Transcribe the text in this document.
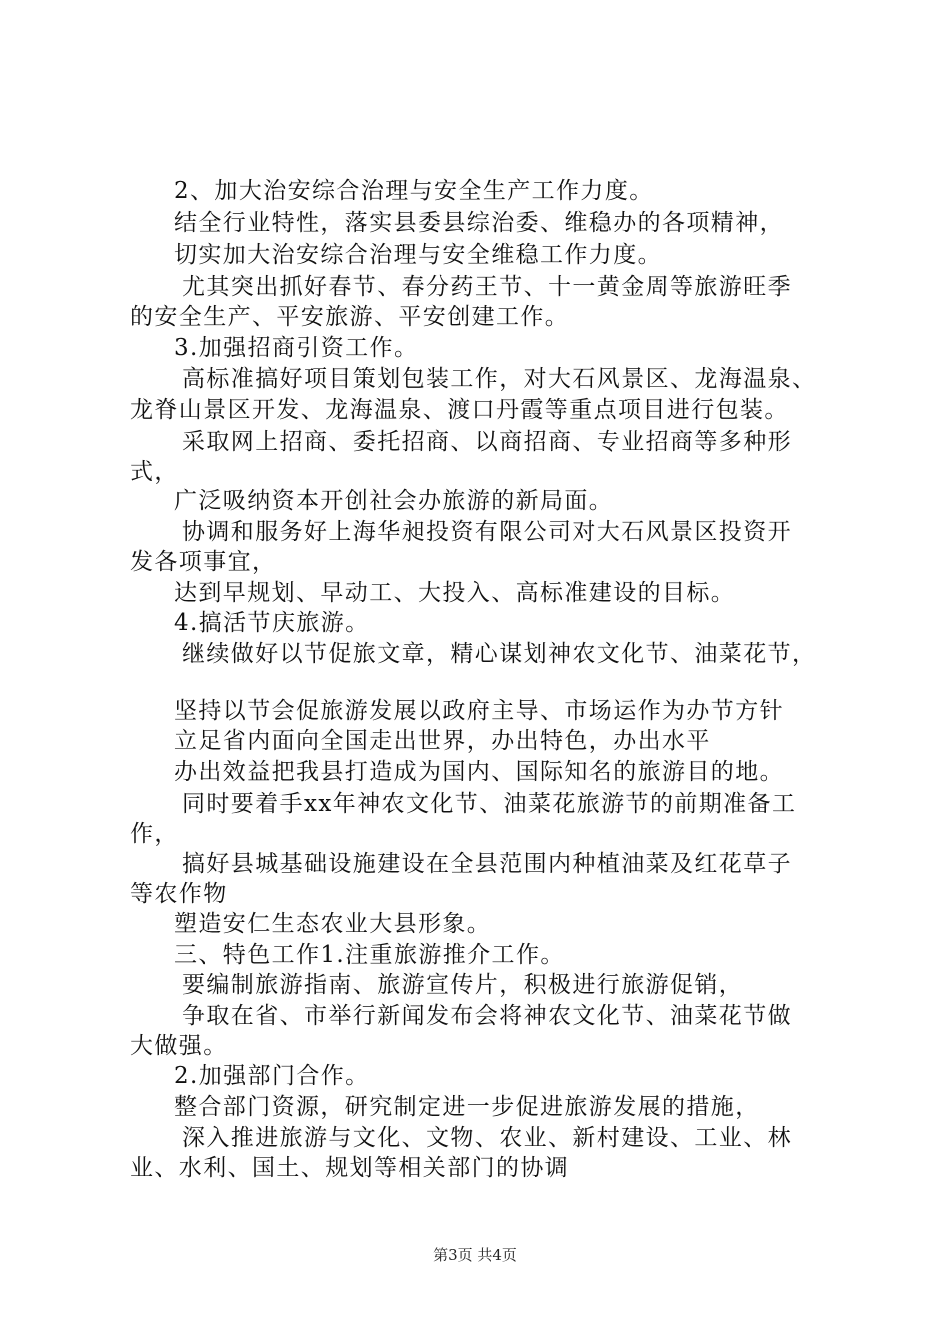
2、加大治安综合治理与安全生产工作力度。
结全行业特性，落实县委县综治委、维稳办的各项精神，
切实加大治安综合治理与安全维稳工作力度。
尤其突出抓好春节、春分药王节、十一黄金周等旅游旺季
的安全生产、平安旅游、平安创建工作。
3.加强招商引资工作。
高标准搞好项目策划包装工作，对大石风景区、龙海温泉、
龙脊山景区开发、龙海温泉、渡口丹霞等重点项目进行包装。
采取网上招商、委托招商、以商招商、专业招商等多种形
式，
广泛吸纳资本开创社会办旅游的新局面。
协调和服务好上海华昶投资有限公司对大石风景区投资开
发各项事宜，
达到早规划、早动工、大投入、高标准建设的目标。
4.搞活节庆旅游。
继续做好以节促旅文章，精心谋划神农文化节、油菜花节，
坚持以节会促旅游发展以政府主导、市场运作为办节方针
立足省内面向全国走出世界，办出特色，办出水平
办出效益把我县打造成为国内、国际知名的旅游目的地。
同时要着手xx年神农文化节、油菜花旅游节的前期准备工
作，
搞好县城基础设施建设在全县范围内种植油菜及红花草子
等农作物
塑造安仁生态农业大县形象。
三、特色工作1.注重旅游推介工作。
要编制旅游指南、旅游宣传片，积极进行旅游促销，
争取在省、市举行新闻发布会将神农文化节、油菜花节做
大做强。
2.加强部门合作。
整合部门资源，研究制定进一步促进旅游发展的措施，
深入推进旅游与文化、文物、农业、新村建设、工业、林
业、水利、国土、规划等相关部门的协调
第3页 共4页
